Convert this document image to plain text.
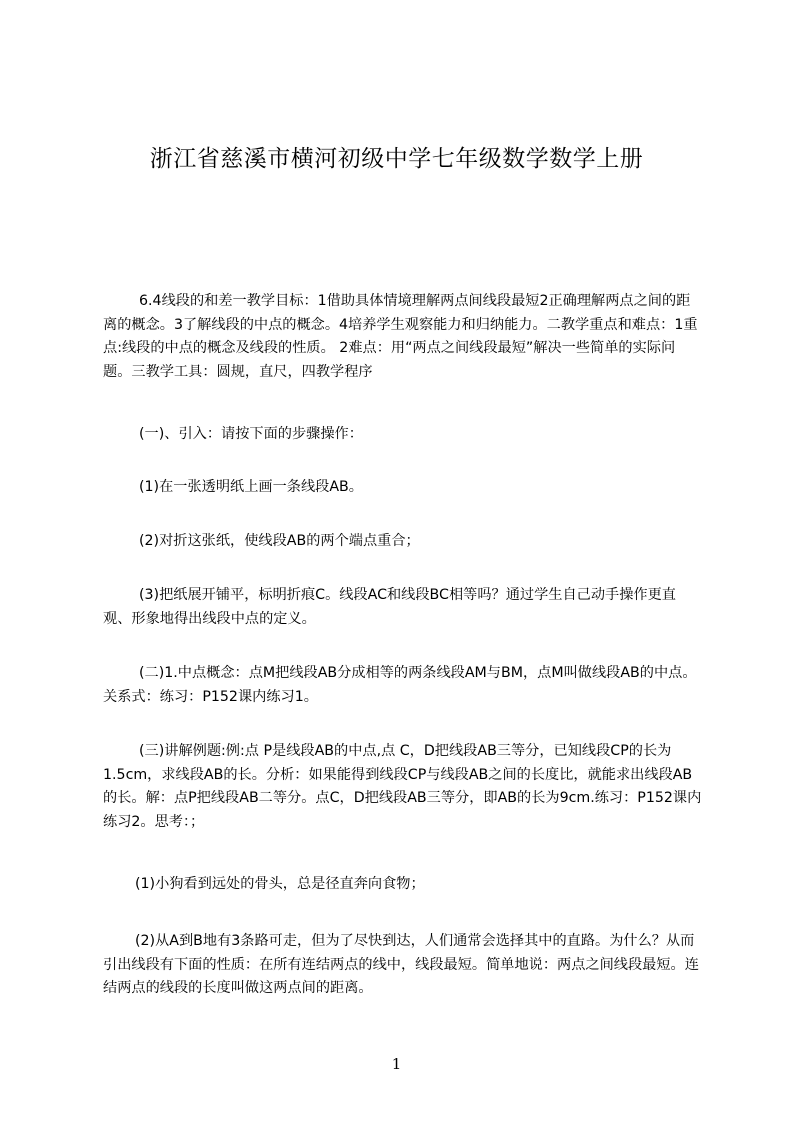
浙江省慈溪市横河初级中学七年级数学数学上册

6.4线段的和差一教学目标：1借助具体情境理解两点间线段最短2正确理解两点之间的距离的概念。3了解线段的中点的概念。4培养学生观察能力和归纳能力。二教学重点和难点：1重点:线段的中点的概念及线段的性质。 2难点：用“两点之间线段最短”解决一些简单的实际问题。三教学工具：圆规，直尺，四教学程序

(一)、引入：请按下面的步骤操作：

(1)在一张透明纸上画一条线段AB。

(2)对折这张纸，使线段AB的两个端点重合；

(3)把纸展开铺平，标明折痕C。线段AC和线段BC相等吗？通过学生自己动手操作更直观、形象地得出线段中点的定义。

(二)1.中点概念：点M把线段AB分成相等的两条线段AM与BM，点M叫做线段AB的中点。关系式：练习：P152课内练习1。

(三)讲解例题:例:点 P是线段AB的中点,点 C，D把线段AB三等分，已知线段CP的长为1.5cm，求线段AB的长。分析：如果能得到线段CP与线段AB之间的长度比，就能求出线段AB的长。解：点P把线段AB二等分。点C，D把线段AB三等分，即AB的长为9cm.练习：P152课内练习2。思考：；

(1)小狗看到远处的骨头，总是径直奔向食物；

(2)从A到B地有3条路可走，但为了尽快到达，人们通常会选择其中的直路。为什么？从而引出线段有下面的性质：在所有连结两点的线中，线段最短。简单地说：两点之间线段最短。连结两点的线段的长度叫做这两点间的距离。

1
